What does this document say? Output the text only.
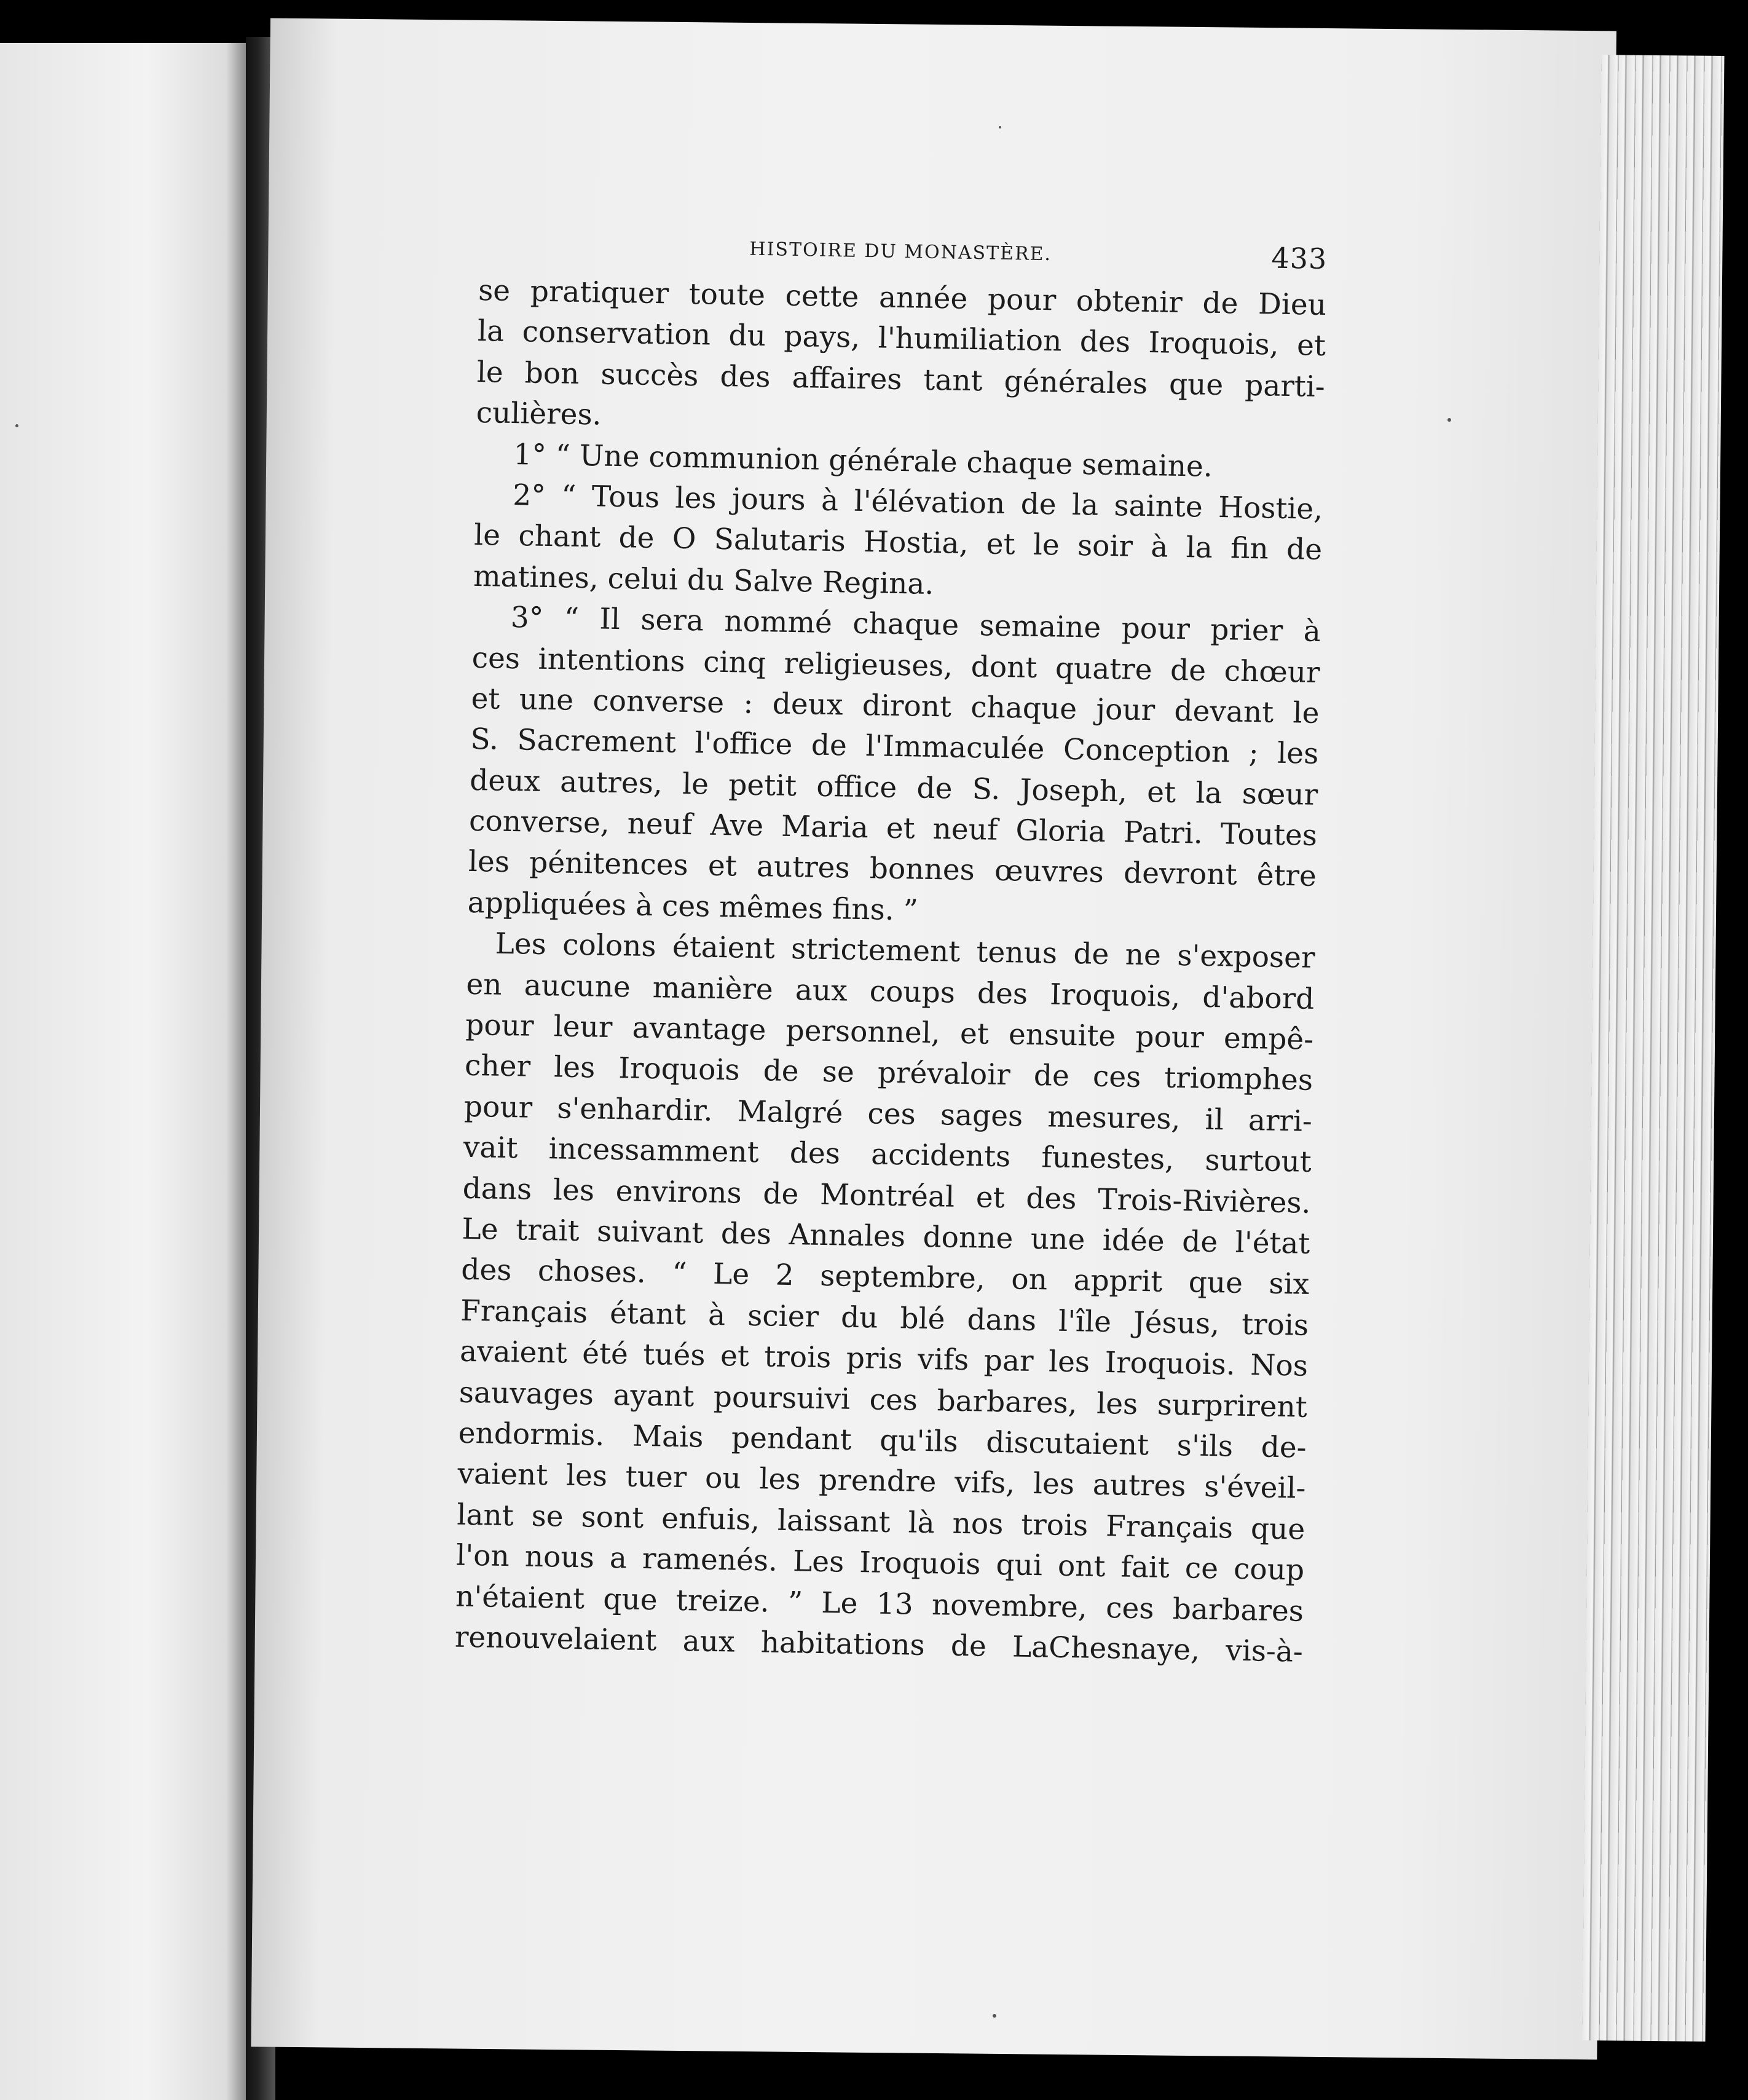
HISTOIRE DU MONASTÈRE.	433
se pratiquer toute cette année pour obtenir de Dieu
la conservation du pays, l'humiliation des Iroquois, et
le bon succès des affaires tant générales que parti-
culières.
1° “ Une communion générale chaque semaine.
2° “ Tous les jours à l'élévation de la sainte Hostie,
le chant de O Salutaris Hostia, et le soir à la fin de
matines, celui du Salve Regina.
3° “ Il sera nommé chaque semaine pour prier à
ces intentions cinq religieuses, dont quatre de chœur
et une converse : deux diront chaque jour devant le
S. Sacrement l'office de l'Immaculée Conception ; les
deux autres, le petit office de S. Joseph, et la sœur
converse, neuf Ave Maria et neuf Gloria Patri. Toutes
les pénitences et autres bonnes œuvres devront être
appliquées à ces mêmes fins. ”
Les colons étaient strictement tenus de ne s'exposer
en aucune manière aux coups des Iroquois, d'abord
pour leur avantage personnel, et ensuite pour empê-
cher les Iroquois de se prévaloir de ces triomphes
pour s'enhardir. Malgré ces sages mesures, il arri-
vait incessamment des accidents funestes, surtout
dans les environs de Montréal et des Trois-Rivières.
Le trait suivant des Annales donne une idée de l'état
des choses. “ Le 2 septembre, on apprit que six
Français étant à scier du blé dans l'île Jésus, trois
avaient été tués et trois pris vifs par les Iroquois. Nos
sauvages ayant poursuivi ces barbares, les surprirent
endormis. Mais pendant qu'ils discutaient s'ils de-
vaient les tuer ou les prendre vifs, les autres s'éveil-
lant se sont enfuis, laissant là nos trois Français que
l'on nous a ramenés. Les Iroquois qui ont fait ce coup
n'étaient que treize. ” Le 13 novembre, ces barbares
renouvelaient aux habitations de LaChesnaye, vis-à-
